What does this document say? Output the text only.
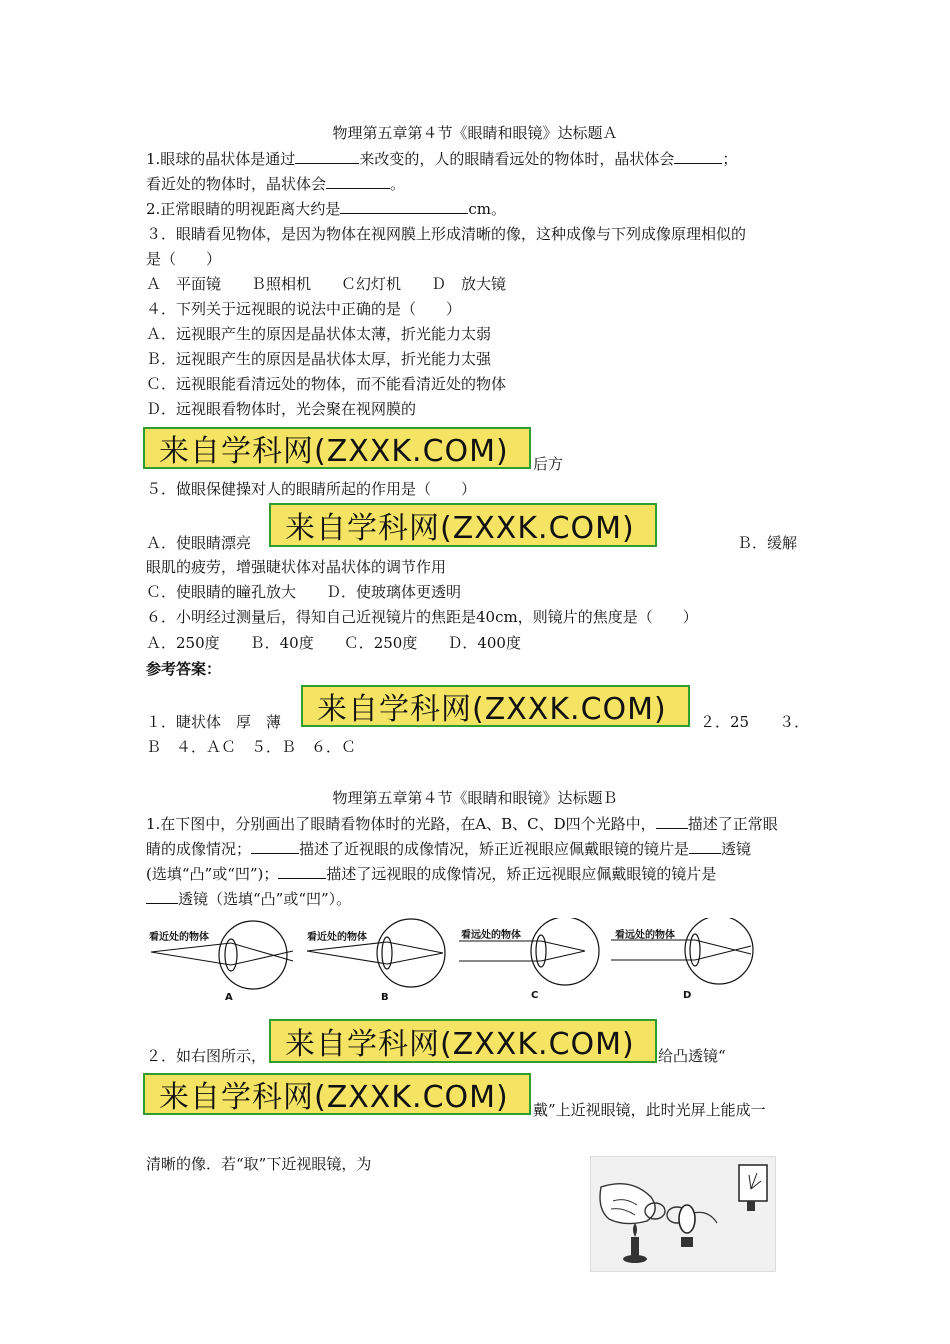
物理第五章第４节《眼睛和眼镜》达标题Ａ
1.眼球的晶状体是通过	来改变的，人的眼睛看远处的物体时，晶状体会	；
看近处的物体时，晶状体会	。
2.正常眼睛的明视距离大约是	cm。
３．眼睛看见物体，是因为物体在视网膜上形成清晰的像，这种成像与下列成像原理相似的
是（　　）
Ａ　平面镜　　Ｂ照相机　　Ｃ幻灯机　　Ｄ　放大镜
４．下列关于远视眼的说法中正确的是（　　）
Ａ．远视眼产生的原因是晶状体太薄，折光能力太弱
Ｂ．远视眼产生的原因是晶状体太厚，折光能力太强
Ｃ．远视眼能看清远处的物体，而不能看清近处的物体
Ｄ．远视眼看物体时，光会聚在视网膜的
来自学科网(ZXXK.COM)	后方
５．做眼保健操对人的眼睛所起的作用是（　　）
来自学科网(ZXXK.COM)
Ａ．使眼睛漂亮	Ｂ．缓解
眼肌的疲劳，增强睫状体对晶状体的调节作用
Ｃ．使眼睛的瞳孔放大　　Ｄ．使玻璃体更透明
６．小明经过测量后，得知自己近视镜片的焦距是40cm，则镜片的焦度是（　　）
Ａ．250度　　Ｂ．40度　　Ｃ．250度　　Ｄ．400度
参考答案：
来自学科网(ZXXK.COM)
１．睫状体　厚　薄	２．25　　３．
Ｂ　４．ＡＣ　５．Ｂ　６．Ｃ
物理第五章第４节《眼睛和眼镜》达标题Ｂ
1.在下图中，分别画出了眼睛看物体时的光路，在A、B、C、D四个光路中， 描述了正常眼
睛的成像情况；	描述了近视眼的成像情况，矫正近视眼应佩戴眼镜的镜片是 透镜
(选填“凸”或“凹”)；	描述了远视眼的成像情况，矫正远视眼应佩戴眼镜的镜片是
透镜（选填“凸”或“凹”）。
看近处的物体
A
看近处的物体
B
看远处的物体
C
看远处的物体
D
２．如右图所示， 来自学科网(ZXXK.COM)	给凸透镜“
来自学科网(ZXXK.COM)	戴”上近视眼镜，此时光屏上能成一
清晰的像．若“取”下近视眼镜，为
